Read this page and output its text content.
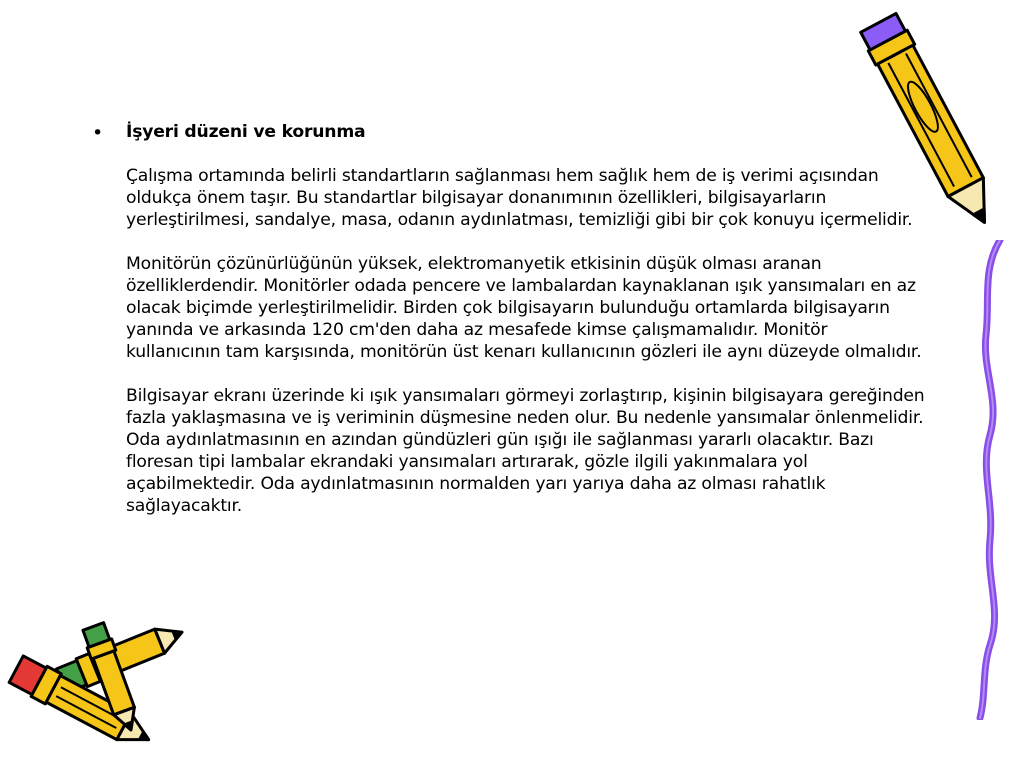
• İşyeri düzeni ve korunma

Çalışma ortamında belirli standartların sağlanması hem sağlık hem de iş verimi açısından oldukça önem taşır. Bu standartlar bilgisayar donanımının özellikleri, bilgisayarların yerleştirilmesi, sandalye, masa, odanın aydınlatması, temizliği gibi bir çok konuyu içermelidir.

Monitörün çözünürlüğünün yüksek, elektromanyetik etkisinin düşük olması aranan özelliklerdendir. Monitörler odada pencere ve lambalardan kaynaklanan ışık yansımaları en az olacak biçimde yerleştirilmelidir. Birden çok bilgisayarın bulunduğu ortamlarda bilgisayarın yanında ve arkasında 120 cm'den daha az mesafede kimse çalışmamalıdır. Monitör kullanıcının tam karşısında, monitörün üst kenarı kullanıcının gözleri ile aynı düzeyde olmalıdır.

Bilgisayar ekranı üzerinde ki ışık yansımaları görmeyi zorlaştırıp, kişinin bilgisayara gereğinden fazla yaklaşmasına ve iş veriminin düşmesine neden olur. Bu nedenle yansımalar önlenmelidir. Oda aydınlatmasının en azından gündüzleri gün ışığı ile sağlanması yararlı olacaktır. Bazı floresan tipi lambalar ekrandaki yansımaları artırarak, gözle ilgili yakınmalara yol açabilmektedir. Oda aydınlatmasının normalden yarı yarıya daha az olması rahatlık sağlayacaktır.
